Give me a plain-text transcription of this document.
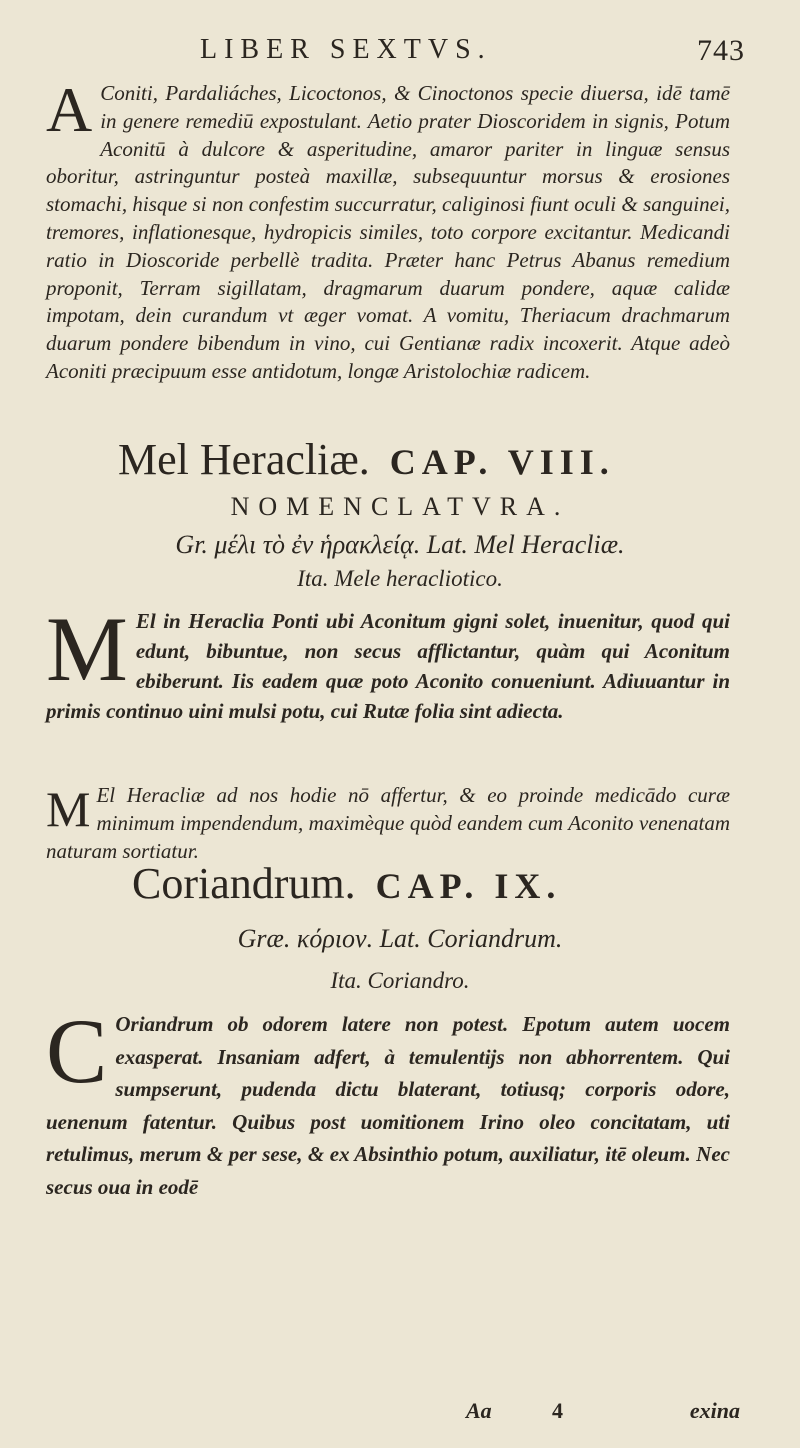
LIBER SEXTVS.	743

A Coniti, Pardaliáches, Licoctonos, & Cinoctonos specie diuersa, idē tamē in genere remediū expostulant. Aetio prater Dioscoridem in signis, Potum Aconitū à dulcore & asperitudine, amaror pariter in linguæ sensus oboritur, astringuntur posteà maxillæ, subsequuntur morsus & erosiones stomachi, hisque si non confestim succurratur, caliginosi fiunt oculi & sanguinei, tremores, inflationesque, hydropicis similes, toto corpore excitantur. Medicandi ratio in Dioscoride perbellè tradita. Præter hanc Petrus Abanus remedium proponit, Terram sigillatam, dragmarum duarum pondere, aquæ calidæ impotam, dein curandum vt æger vomat. A vomitu, Theriacum drachmarum duarum pondere bibendum in vino, cui Gentianæ radix incoxerit. Atque adeò Aconiti præcipuum esse antidotum, longæ Aristolochiæ radicem.

Mel Heracliæ. CAP. VIII.
NOMENCLATVRA.
Gr. μέλι τὸ ἐν ἡρακλείᾳ. Lat. Mel Heracliæ.
Ita. Mele heracliotico.

M El in Heraclia Ponti ubi Aconitum gigni solet, inuenitur, quod qui edunt, bibuntue, non secus afflictantur, quàm qui Aconitum ebiberunt. Iis eadem quæ poto Aconito conueniunt. Adiuuantur in primis continuo uini mulsi potu, cui Rutæ folia sint adiecta.

M El Heracliæ ad nos hodie nō affertur, & eo proinde medicādo curæ minimum impendendum, maximèque quòd eandem cum Aconito venenatam naturam sortiatur.

Coriandrum. CAP. IX.
Græ. κόριον. Lat. Coriandrum.
Ita. Coriandro.

C Oriandrum ob odorem latere non potest. Epotum autem uocem exasperat. Insaniam adfert, à temulentijs non abhorrentem. Qui sumpserunt, pudenda dictu blaterant, totiusq; corporis odore, uenenum fatentur. Quibus post uomitionem Irino oleo concitatam, uti retulimus, merum & per sese, & ex Absinthio potum, auxiliatur, itē oleum. Nec secus oua in eodē

Aa	4	exina
